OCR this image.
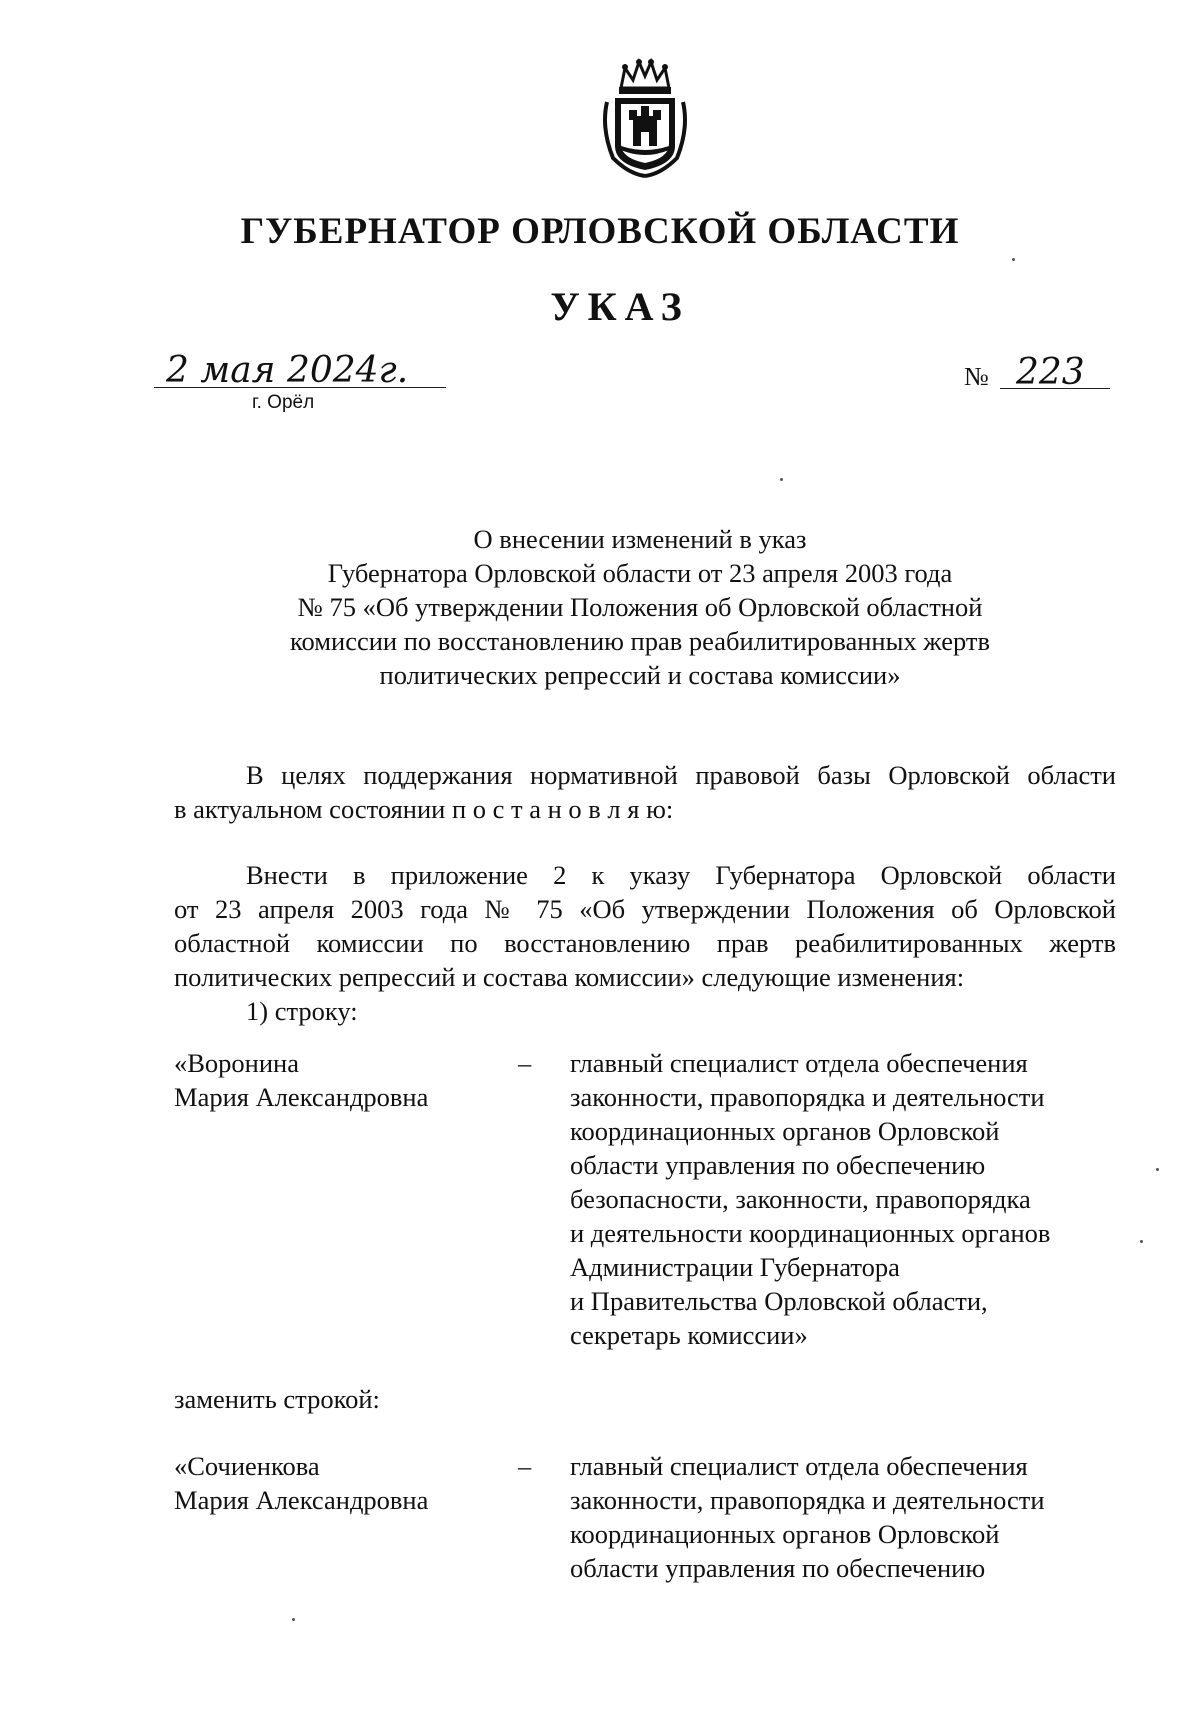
ГУБЕРНАТОР ОРЛОВСКОЙ ОБЛАСТИ
УКАЗ
2 мая 2024г.
г. Орёл
№ 223
О внесении изменений в указ
Губернатора Орловской области от 23 апреля 2003 года
№ 75 «Об утверждении Положения об Орловской областной
комиссии по восстановлению прав реабилитированных жертв
политических репрессий и состава комиссии»
В целях поддержания нормативной правовой базы Орловской области
в актуальном состоянии п о с т а н о в л я ю:
Внести в приложение 2 к указу Губернатора Орловской области
от 23 апреля 2003 года № 75 «Об утверждении Положения об Орловской
областной комиссии по восстановлению прав реабилитированных жертв
политических репрессий и состава комиссии» следующие изменения:
1) строку:
«Воронина
Мария Александровна
– главный специалист отдела обеспечения
законности, правопорядка и деятельности
координационных органов Орловской
области управления по обеспечению
безопасности, законности, правопорядка
и деятельности координационных органов
Администрации Губернатора
и Правительства Орловской области,
секретарь комиссии»
заменить строкой:
«Сочиенкова
Мария Александровна
– главный специалист отдела обеспечения
законности, правопорядка и деятельности
координационных органов Орловской
области управления по обеспечению
